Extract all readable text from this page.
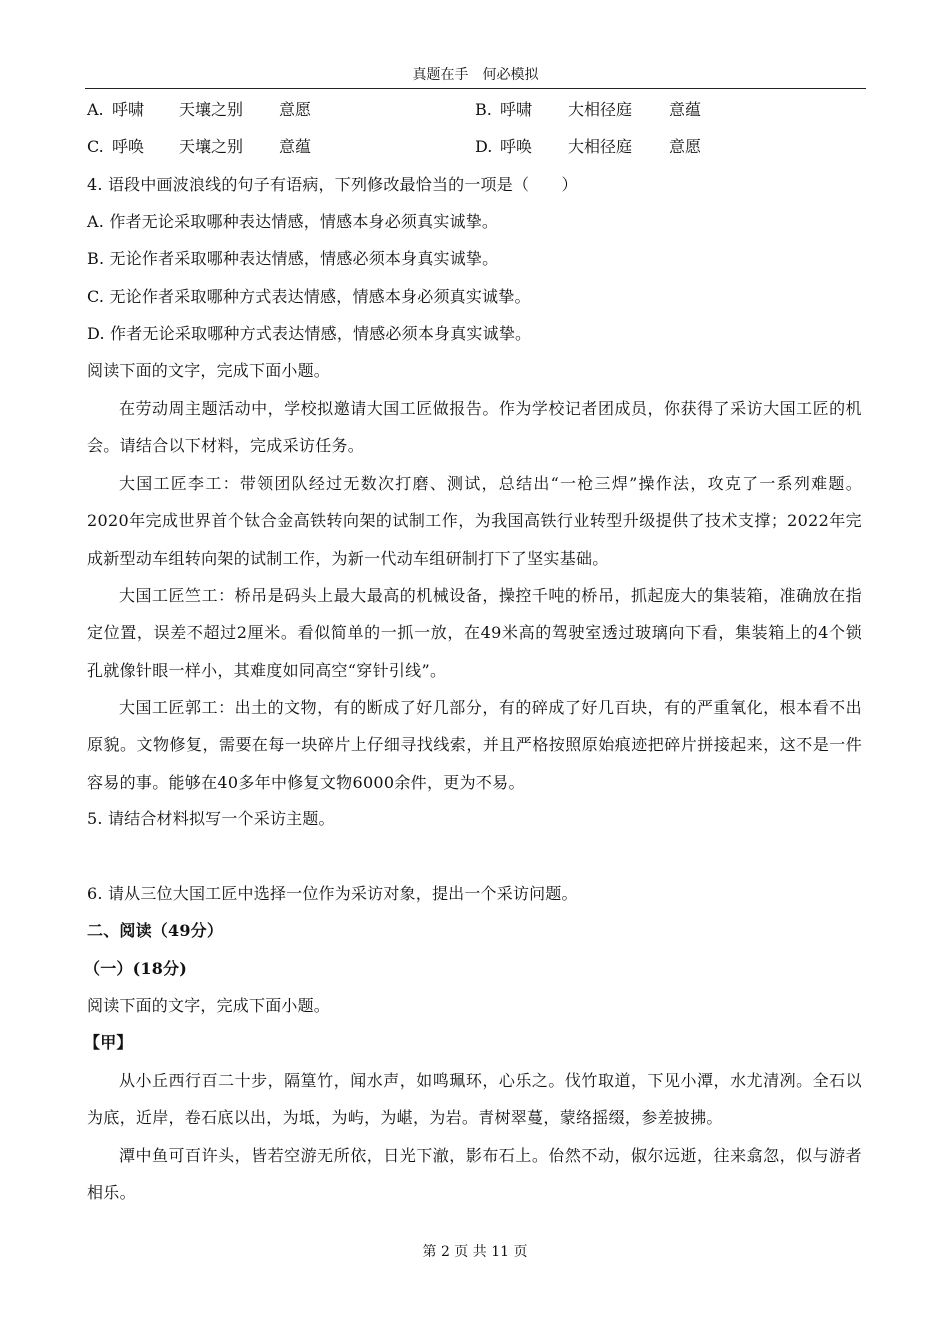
真题在手　何必模拟
A. 呼啸 天壤之别 意愿	B. 呼啸 大相径庭 意蕴
C. 呼唤 天壤之别 意蕴	D. 呼唤 大相径庭 意愿
4. 语段中画波浪线的句子有语病，下列修改最恰当的一项是（　　）
A. 作者无论采取哪种表达情感，情感本身必须真实诚挚。
B. 无论作者采取哪种表达情感，情感必须本身真实诚挚。
C. 无论作者采取哪种方式表达情感，情感本身必须真实诚挚。
D. 作者无论采取哪种方式表达情感，情感必须本身真实诚挚。
阅读下面的文字，完成下面小题。
在劳动周主题活动中，学校拟邀请大国工匠做报告。作为学校记者团成员，你获得了采访大国工匠的机会。请结合以下材料，完成采访任务。
大国工匠李工：带领团队经过无数次打磨、测试，总结出“一枪三焊”操作法，攻克了一系列难题。2020年完成世界首个钛合金高铁转向架的试制工作，为我国高铁行业转型升级提供了技术支撑；2022年完成新型动车组转向架的试制工作，为新一代动车组研制打下了坚实基础。
大国工匠竺工：桥吊是码头上最大最高的机械设备，操控千吨的桥吊，抓起庞大的集装箱，准确放在指定位置，误差不超过2厘米。看似简单的一抓一放，在49米高的驾驶室透过玻璃向下看，集装箱上的4个锁孔就像针眼一样小，其难度如同高空“穿针引线”。
大国工匠郭工：出土的文物，有的断成了好几部分，有的碎成了好几百块，有的严重氧化，根本看不出原貌。文物修复，需要在每一块碎片上仔细寻找线索，并且严格按照原始痕迹把碎片拼接起来，这不是一件容易的事。能够在40多年中修复文物6000余件，更为不易。
5. 请结合材料拟写一个采访主题。
6. 请从三位大国工匠中选择一位作为采访对象，提出一个采访问题。
二、阅读（49分）
（一）(18分)
阅读下面的文字，完成下面小题。
【甲】
从小丘西行百二十步，隔篁竹，闻水声，如鸣珮环，心乐之。伐竹取道，下见小潭，水尤清冽。全石以为底，近岸，卷石底以出，为坻，为屿，为嵁，为岩。青树翠蔓，蒙络摇缀，参差披拂。
潭中鱼可百许头，皆若空游无所依，日光下澈，影布石上。佁然不动，俶尔远逝，往来翕忽，似与游者相乐。
第 2 页 共 11 页
